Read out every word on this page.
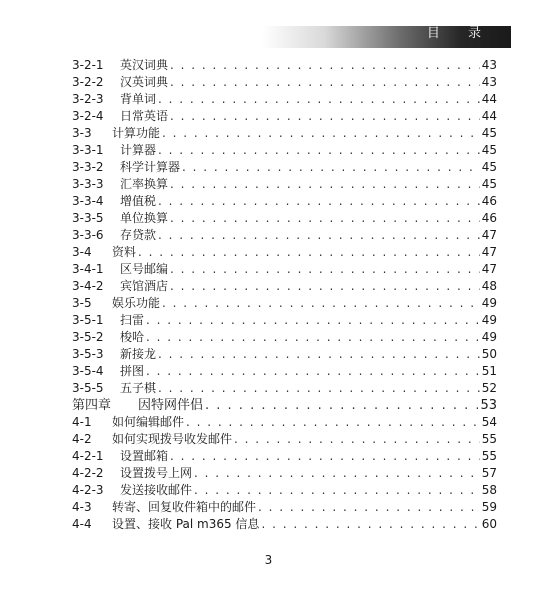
目 录
3-2-1	英汉词典 . . .	43
3-2-2	汉英词典 . . .	43
3-2-3	背单词 . . .	44
3-2-4	日常英语 . . .	44
3-3	计算功能 . . .	45
3-3-1	计算器 . . .	45
3-3-2	科学计算器 . . .	45
3-3-3	汇率换算 . . .	45
3-3-4	增值税 . . .	46
3-3-5	单位换算 . . .	46
3-3-6	存贷款 . . .	47
3-4	资料 . . .	47
3-4-1	区号邮编 . . .	47
3-4-2	宾馆酒店 . . .	48
3-5	娱乐功能 . . .	49
3-5-1	扫雷 . . .	49
3-5-2	梭哈 . . .	49
3-5-3	新接龙 . . .	50
3-5-4	拼图 . . .	51
3-5-5	五子棋 . . .	52
第四章	因特网伴侣 . . .	53
4-1	如何编辑邮件 . . .	54
4-2	如何实现拨号收发邮件 . . .	55
4-2-1	设置邮箱 . . .	55
4-2-2	设置拨号上网 . . .	57
4-2-3	发送接收邮件 . . .	58
4-3	转寄、回复收件箱中的邮件 . . .	59
4-4	设置、接收 Pal m365 信息 . . .	60
3
